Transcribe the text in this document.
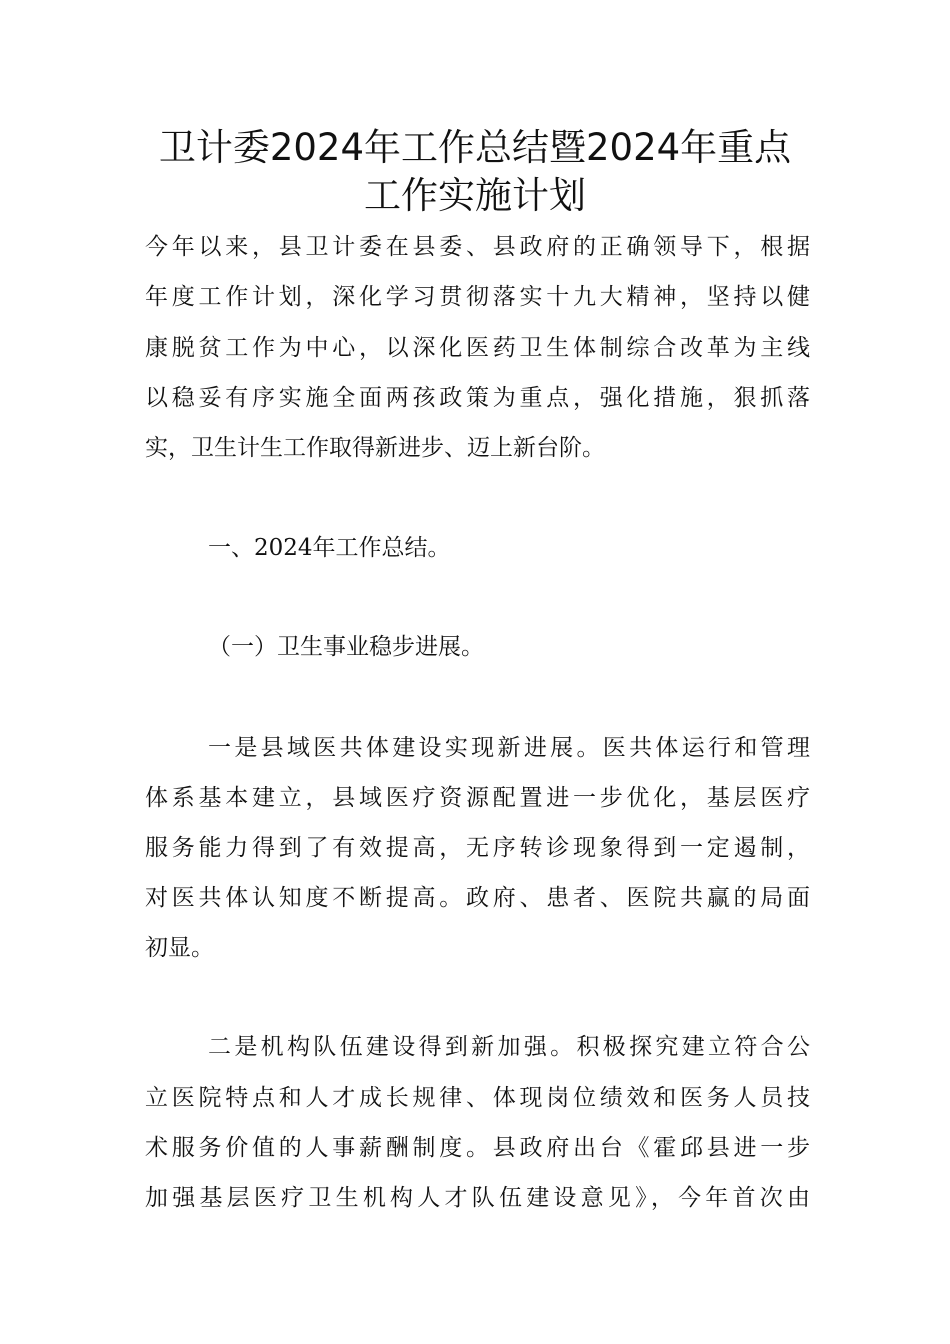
卫计委2024年工作总结暨2024年重点
工作实施计划
今年以来，县卫计委在县委、县政府的正确领导下，根据
年度工作计划，深化学习贯彻落实十九大精神，坚持以健
康脱贫工作为中心，以深化医药卫生体制综合改革为主线
以稳妥有序实施全面两孩政策为重点，强化措施，狠抓落
实，卫生计生工作取得新进步、迈上新台阶。
一、2024年工作总结。
（一）卫生事业稳步进展。
一是县域医共体建设实现新进展。医共体运行和管理
体系基本建立，县域医疗资源配置进一步优化，基层医疗
服务能力得到了有效提高，无序转诊现象得到一定遏制，
对医共体认知度不断提高。政府、患者、医院共赢的局面
初显。
二是机构队伍建设得到新加强。积极探究建立符合公
立医院特点和人才成长规律、体现岗位绩效和医务人员技
术服务价值的人事薪酬制度。县政府出台《霍邱县进一步
加强基层医疗卫生机构人才队伍建设意见》，今年首次由
